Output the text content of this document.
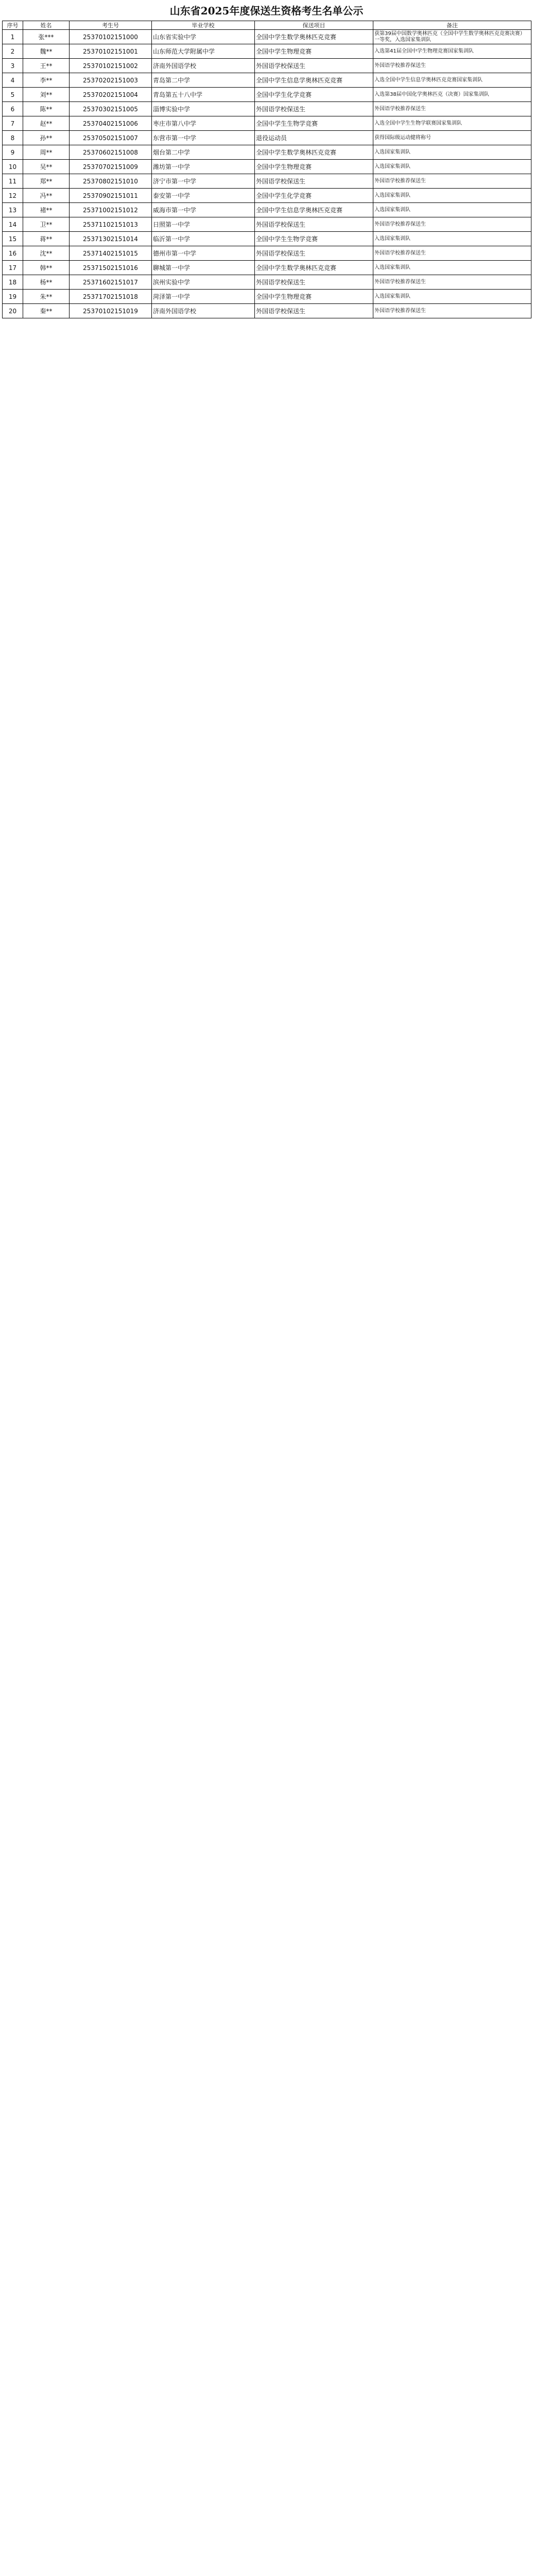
山东省2025年度保送生资格考生名单公示
序号	姓名	考生号	毕业学校	保送项目	备注
1	张***	25370102151000	山东省实验中学	全国中学生数学奥林匹克竞赛	获第39届中国数学奥林匹克（全国中学生数学奥林匹克竞赛决赛）一等奖，入选国家集训队
2	魏**	25370102151001	山东师范大学附属中学	全国中学生物理竞赛	入选第41届全国中学生物理竞赛国家集训队
3	王**	25370102151002	济南外国语学校	外国语学校保送生	外国语学校推荐保送生
4	李**	25370202151003	青岛第二中学	全国中学生信息学奥林匹克竞赛	入选全国中学生信息学奥林匹克竞赛国家集训队
5	刘**	25370202151004	青岛第五十八中学	全国中学生化学竞赛	入选第38届中国化学奥林匹克（决赛）国家集训队
6	陈**	25370302151005	淄博实验中学	外国语学校保送生	外国语学校推荐保送生
7	赵**	25370402151006	枣庄市第八中学	全国中学生生物学竞赛	入选全国中学生生物学联赛国家集训队
8	孙**	25370502151007	东营市第一中学	退役运动员	获得国际级运动健将称号
9	周**	25370602151008	烟台第二中学	全国中学生数学奥林匹克竞赛	入选国家集训队
10	吴**	25370702151009	潍坊第一中学	全国中学生物理竞赛	入选国家集训队
11	郑**	25370802151010	济宁市第一中学	外国语学校保送生	外国语学校推荐保送生
12	冯**	25370902151011	泰安第一中学	全国中学生化学竞赛	入选国家集训队
13	褚**	25371002151012	威海市第一中学	全国中学生信息学奥林匹克竞赛	入选国家集训队
14	卫**	25371102151013	日照第一中学	外国语学校保送生	外国语学校推荐保送生
15	蒋**	25371302151014	临沂第一中学	全国中学生生物学竞赛	入选国家集训队
16	沈**	25371402151015	德州市第一中学	外国语学校保送生	外国语学校推荐保送生
17	韩**	25371502151016	聊城第一中学	全国中学生数学奥林匹克竞赛	入选国家集训队
18	杨**	25371602151017	滨州实验中学	外国语学校保送生	外国语学校推荐保送生
19	朱**	25371702151018	菏泽第一中学	全国中学生物理竞赛	入选国家集训队
20	秦**	25370102151019	济南外国语学校	外国语学校保送生	外国语学校推荐保送生
